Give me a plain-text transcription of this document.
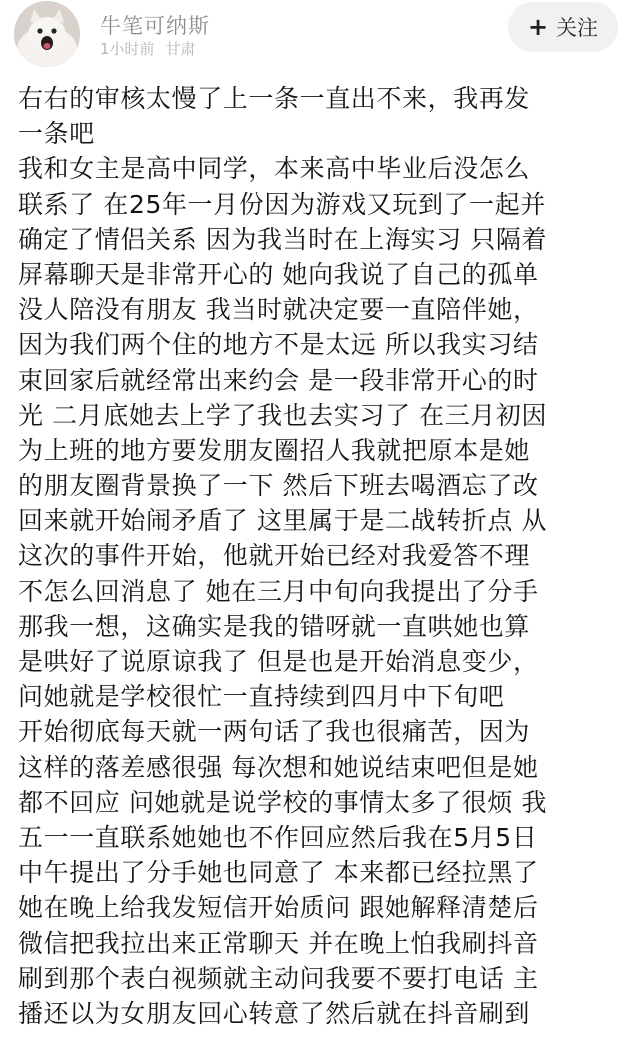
牛笔可纳斯
1小时前 甘肃
+ 关注
右右的审核太慢了上一条一直出不来，我再发
一条吧
我和女主是高中同学，本来高中毕业后没怎么
联系了 在25年一月份因为游戏又玩到了一起并
确定了情侣关系 因为我当时在上海实习 只隔着
屏幕聊天是非常开心的 她向我说了自己的孤单
没人陪没有朋友 我当时就决定要一直陪伴她，
因为我们两个住的地方不是太远 所以我实习结
束回家后就经常出来约会 是一段非常开心的时
光 二月底她去上学了我也去实习了 在三月初因
为上班的地方要发朋友圈招人我就把原本是她
的朋友圈背景换了一下 然后下班去喝酒忘了改
回来就开始闹矛盾了 这里属于是二战转折点 从
这次的事件开始，他就开始已经对我爱答不理
不怎么回消息了 她在三月中旬向我提出了分手
那我一想，这确实是我的错呀就一直哄她也算
是哄好了说原谅我了 但是也是开始消息变少，
问她就是学校很忙一直持续到四月中下旬吧
开始彻底每天就一两句话了我也很痛苦，因为
这样的落差感很强 每次想和她说结束吧但是她
都不回应 问她就是说学校的事情太多了很烦 我
五一一直联系她她也不作回应然后我在5月5日
中午提出了分手她也同意了 本来都已经拉黑了
她在晚上给我发短信开始质问 跟她解释清楚后
微信把我拉出来正常聊天 并在晚上怕我刷抖音
刷到那个表白视频就主动问我要不要打电话 主
播还以为女朋友回心转意了然后就在抖音刷到
